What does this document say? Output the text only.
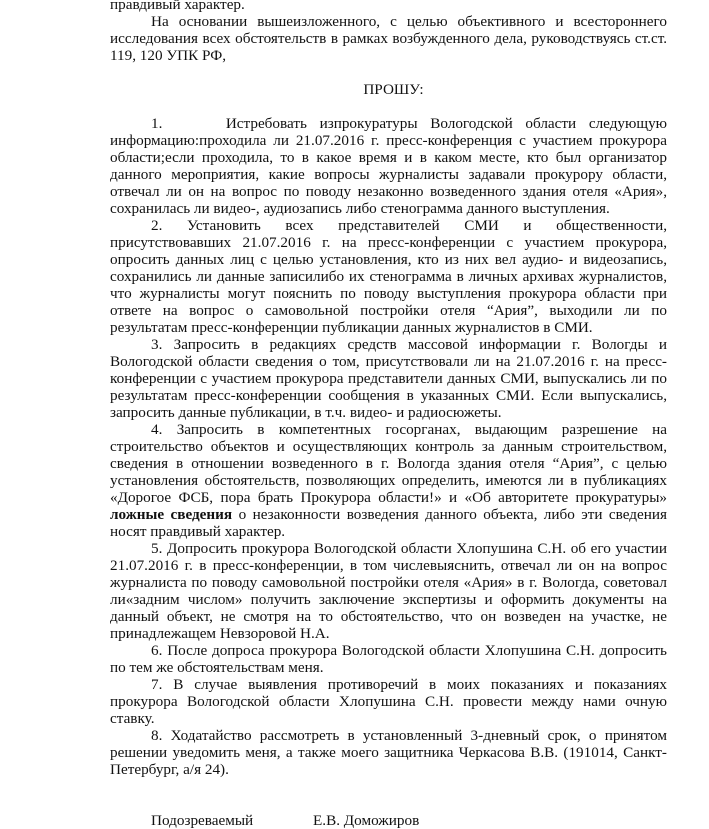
правдивый характер.

На основании вышеизложенного, с целью объективного и всестороннего исследования всех обстоятельств в рамках возбужденного дела, руководствуясь ст.ст. 119, 120 УПК РФ,

ПРОШУ:

1.	Истребовать изпрокуратуры Вологодской области следующую информацию:проходила ли 21.07.2016 г. пресс-конференция с участием прокурора области;если проходила, то в какое время и в каком месте, кто был организатор данного мероприятия, какие вопросы журналисты задавали прокурору области, отвечал ли он на вопрос по поводу незаконно возведенного здания отеля «Ария», сохранилась ли видео-, аудиозапись либо стенограмма данного выступления.

2. Установить всех представителей СМИ и общественности, присутствовавших 21.07.2016 г. на пресс-конференции с участием прокурора, опросить данных лиц с целью установления, кто из них вел аудио- и видеозапись, сохранились ли данные записилибо их стенограмма в личных архивах журналистов, что журналисты могут пояснить по поводу выступления прокурора области при ответе на вопрос о самовольной постройки отеля “Ария”, выходили ли по результатам пресс-конференции публикации данных журналистов в СМИ.

3. Запросить в редакциях средств массовой информации г. Вологды и Вологодской области сведения о том, присутствовали ли на 21.07.2016 г. на пресс-конференции с участием прокурора представители данных СМИ, выпускались ли по результатам пресс-конференции сообщения в указанных СМИ. Если выпускались, запросить данные публикации, в т.ч. видео- и радиосюжеты.

4. Запросить в компетентных госорганах, выдающим разрешение на строительство объектов и осуществляющих контроль за данным строительством, сведения в отношении возведенного в г. Вологда здания отеля “Ария”, с целью установления обстоятельств, позволяющих определить, имеются ли в публикациях «Дорогое ФСБ, пора брать Прокурора области!» и «Об авторитете прокуратуры» ложные сведения о незаконности возведения данного объекта, либо эти сведения носят правдивый характер.

5. Допросить прокурора Вологодской области Хлопушина С.Н. об его участии 21.07.2016 г. в пресс-конференции, в том числевыяснить, отвечал ли он на вопрос журналиста по поводу самовольной постройки отеля «Ария» в г. Вологда, советовал ли«задним числом» получить заключение экспертизы и оформить документы на данный объект, не смотря на то обстоятельство, что он возведен на участке, не принадлежащем Невзоровой Н.А.

6. После допроса прокурора Вологодской области Хлопушина С.Н. допросить по тем же обстоятельствам меня.

7. В случае выявления противоречий в моих показаниях и показаниях прокурора Вологодской области Хлопушина С.Н. провести между нами очную ставку.

8. Ходатайство рассмотреть в установленный 3-дневный срок, о принятом решении уведомить меня, а также моего защитника Черкасова В.В. (191014, Санкт-Петербург, а/я 24).

Подозреваемый	Е.В. Доможиров
